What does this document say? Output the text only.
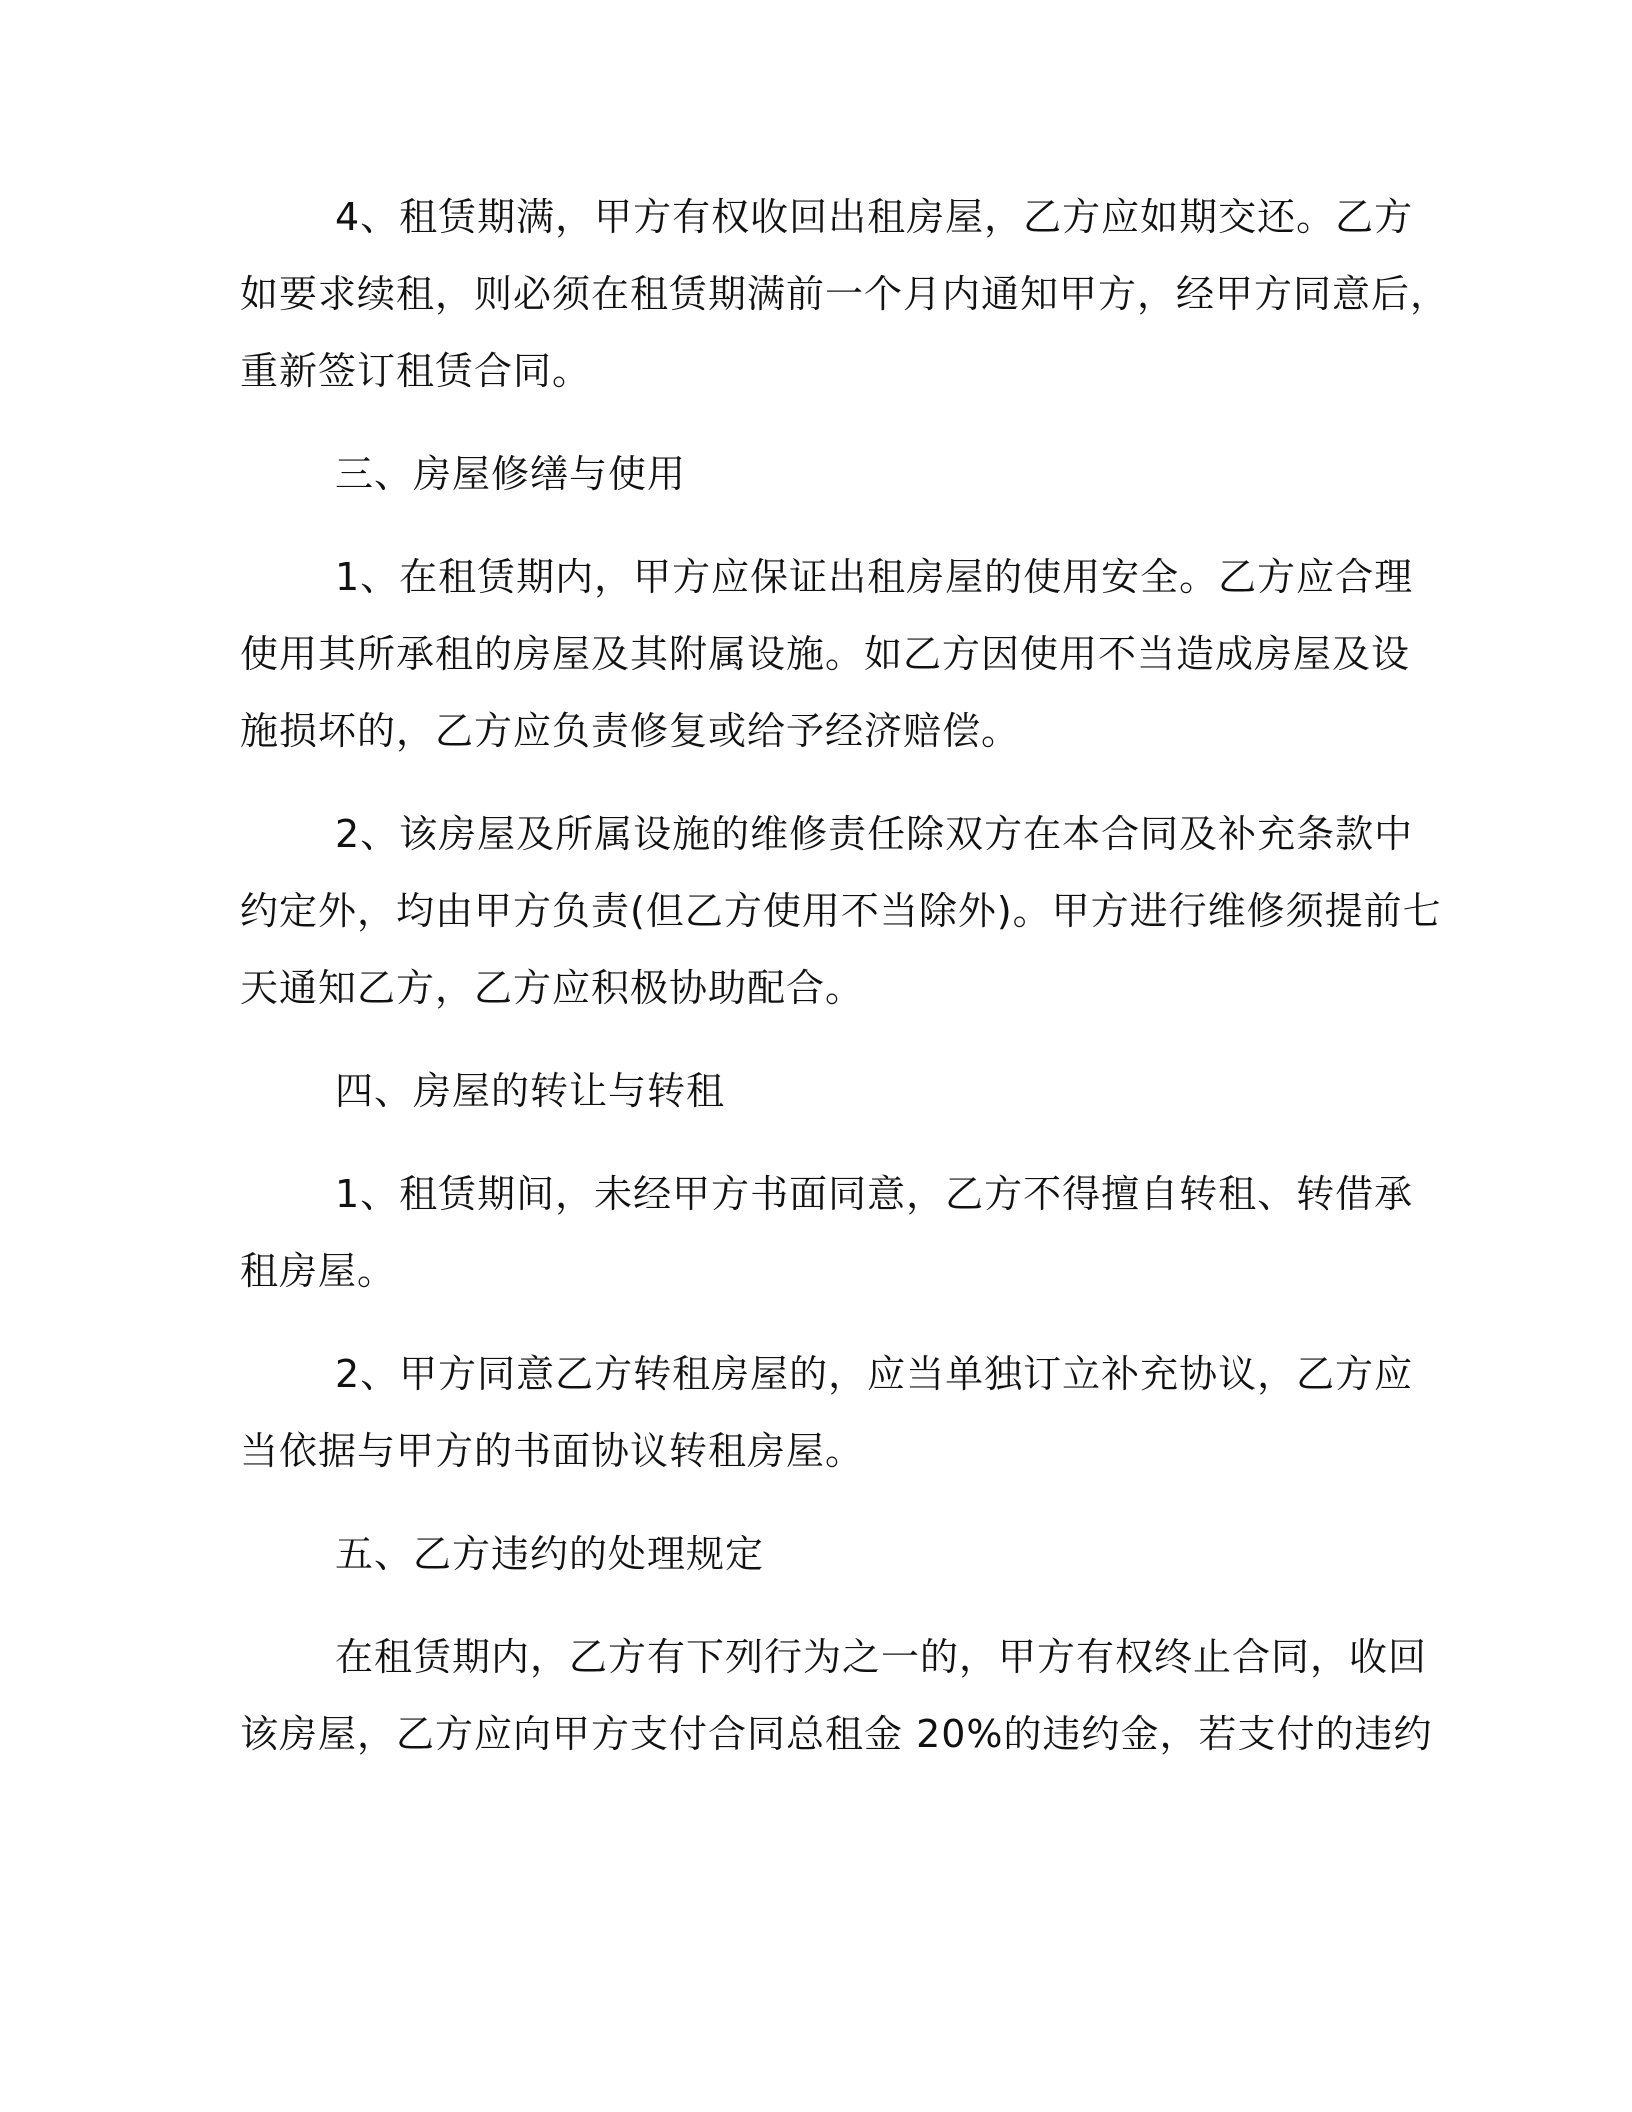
4、租赁期满，甲方有权收回出租房屋，乙方应如期交还。乙方
如要求续租，则必须在租赁期满前一个月内通知甲方，经甲方同意后，
重新签订租赁合同。
三、房屋修缮与使用
1、在租赁期内，甲方应保证出租房屋的使用安全。乙方应合理
使用其所承租的房屋及其附属设施。如乙方因使用不当造成房屋及设
施损坏的，乙方应负责修复或给予经济赔偿。
2、该房屋及所属设施的维修责任除双方在本合同及补充条款中
约定外，均由甲方负责(但乙方使用不当除外)。甲方进行维修须提前七
天通知乙方，乙方应积极协助配合。
四、房屋的转让与转租
1、租赁期间，未经甲方书面同意，乙方不得擅自转租、转借承
租房屋。
2、甲方同意乙方转租房屋的，应当单独订立补充协议，乙方应
当依据与甲方的书面协议转租房屋。
五、乙方违约的处理规定
在租赁期内，乙方有下列行为之一的，甲方有权终止合同，收回
该房屋，乙方应向甲方支付合同总租金 20%的违约金，若支付的违约
